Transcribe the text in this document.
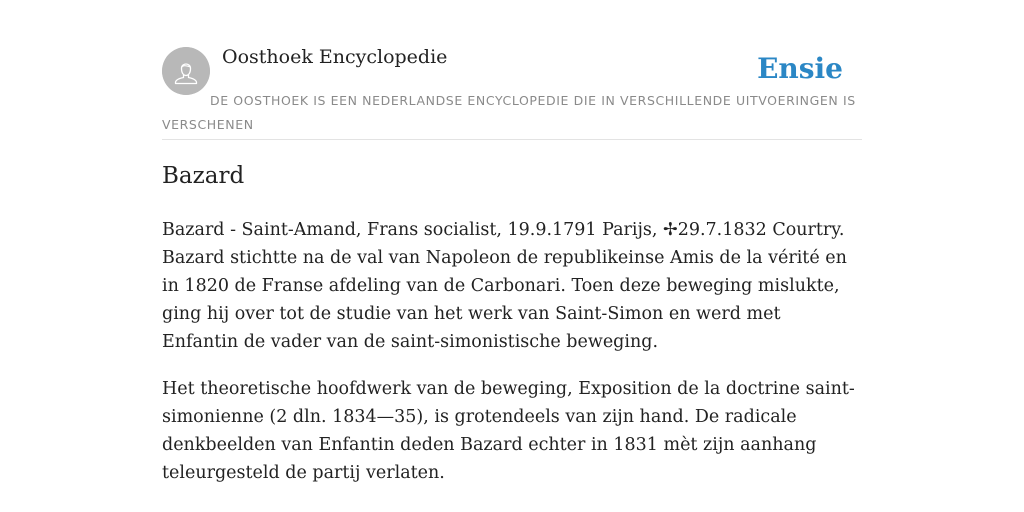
Oosthoek Encyclopedie	Ensie
DE OOSTHOEK IS EEN NEDERLANDSE ENCYCLOPEDIE DIE IN VERSCHILLENDE UITVOERINGEN IS VERSCHENEN
Bazard

Bazard - Saint-Amand, Frans socialist, 19.9.1791 Parijs, ✢29.7.1832 Courtry. Bazard stichtte na de val van Napoleon de republikeinse Amis de la vérité en in 1820 de Franse afdeling van de Carbonari. Toen deze beweging mislukte, ging hij over tot de studie van het werk van Saint-Simon en werd met Enfantin de vader van de saint-simonistische beweging.

Het theoretische hoofdwerk van de beweging, Exposition de la doctrine saint-simonienne (2 dln. 1834—35), is grotendeels van zijn hand. De radicale denkbeelden van Enfantin deden Bazard echter in 1831 mèt zijn aanhang teleurgesteld de partij verlaten.
